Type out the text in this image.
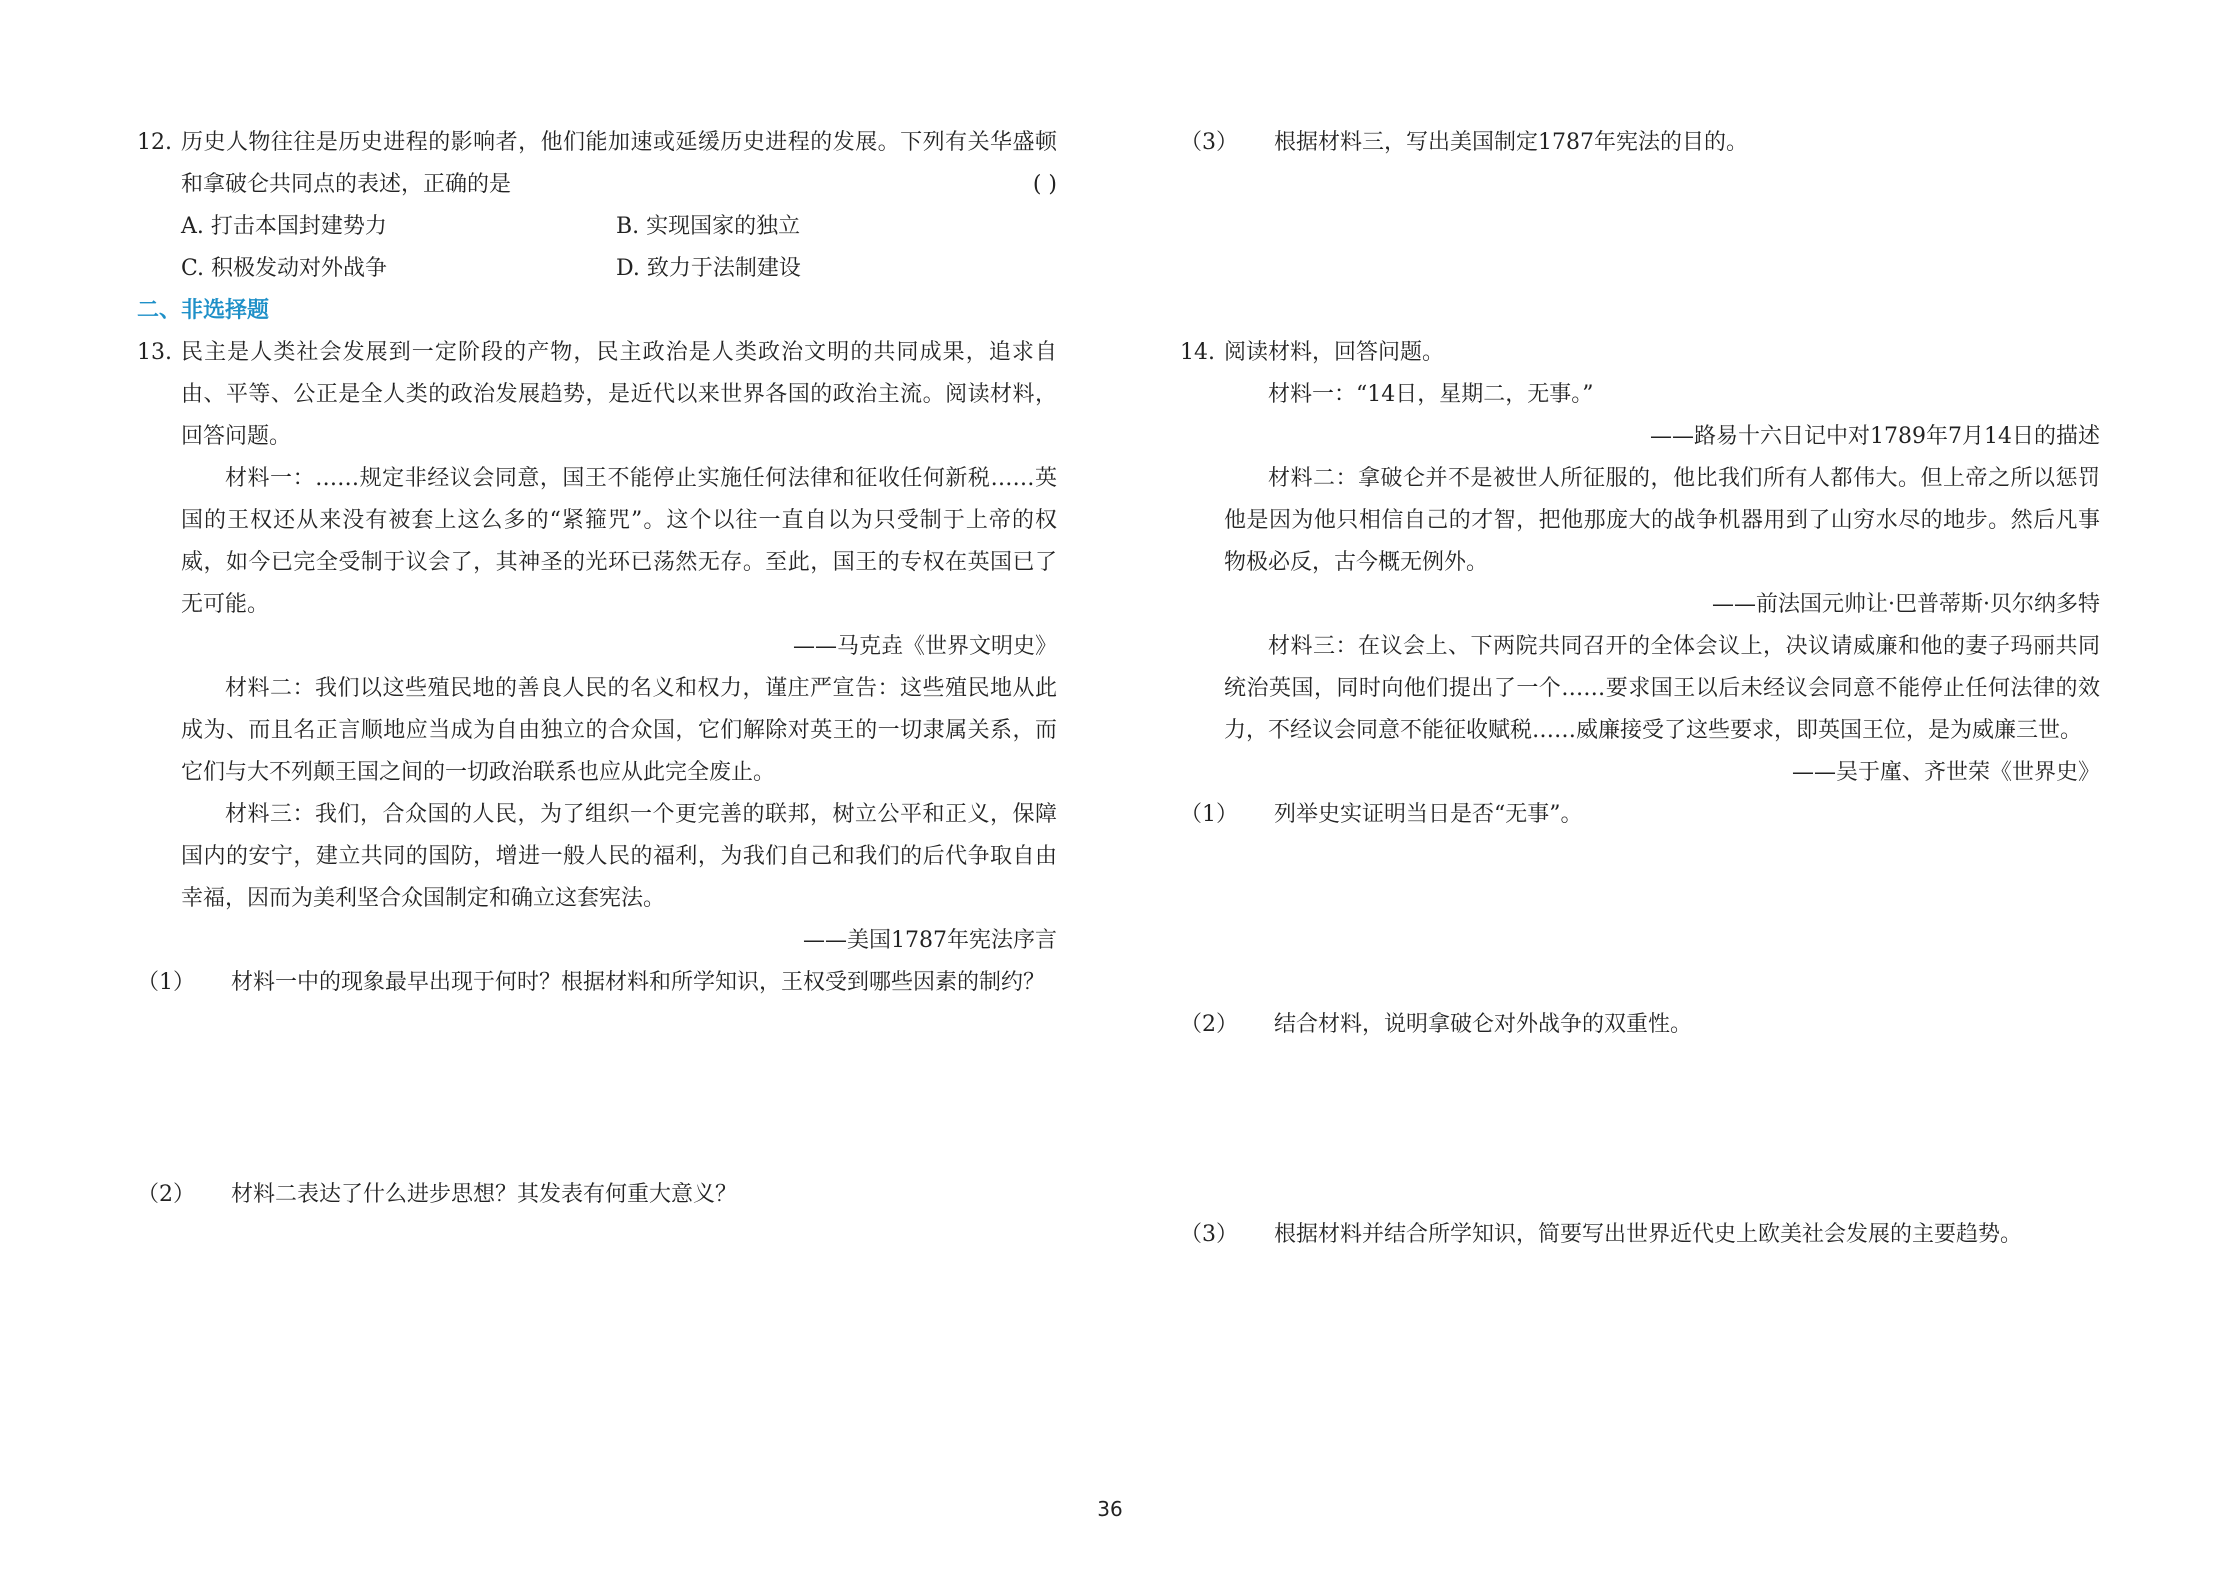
12. 历史人物往往是历史进程的影响者，他们能加速或延缓历史进程的发展。下列有关华盛顿和拿破仑共同点的表述，正确的是	( )
A. 打击本国封建势力	B. 实现国家的独立
C. 积极发动对外战争	D. 致力于法制建设
二、非选择题
13. 民主是人类社会发展到一定阶段的产物，民主政治是人类政治文明的共同成果，追求自由、平等、公正是全人类的政治发展趋势，是近代以来世界各国的政治主流。阅读材料，回答问题。
材料一：……规定非经议会同意，国王不能停止实施任何法律和征收任何新税……英国的王权还从来没有被套上这么多的“紧箍咒”。这个以往一直自以为只受制于上帝的权威，如今已完全受制于议会了，其神圣的光环已荡然无存。至此，国王的专权在英国已了无可能。
——马克垚《世界文明史》
材料二：我们以这些殖民地的善良人民的名义和权力，谨庄严宣告：这些殖民地从此成为、而且名正言顺地应当成为自由独立的合众国，它们解除对英王的一切隶属关系，而它们与大不列颠王国之间的一切政治联系也应从此完全废止。
材料三：我们，合众国的人民，为了组织一个更完善的联邦，树立公平和正义，保障国内的安宁，建立共同的国防，增进一般人民的福利，为我们自己和我们的后代争取自由幸福，因而为美利坚合众国制定和确立这套宪法。
——美国1787年宪法序言
（1）	材料一中的现象最早出现于何时？根据材料和所学知识，王权受到哪些因素的制约？
（2）	材料二表达了什么进步思想？其发表有何重大意义？
（3）	根据材料三，写出美国制定1787年宪法的目的。
14. 阅读材料，回答问题。
材料一：“14日，星期二，无事。”
——路易十六日记中对1789年7月14日的描述
材料二：拿破仑并不是被世人所征服的，他比我们所有人都伟大。但上帝之所以惩罚他是因为他只相信自己的才智，把他那庞大的战争机器用到了山穷水尽的地步。然后凡事物极必反，古今概无例外。
——前法国元帅让·巴普蒂斯·贝尔纳多特
材料三：在议会上、下两院共同召开的全体会议上，决议请威廉和他的妻子玛丽共同统治英国，同时向他们提出了一个……要求国王以后未经议会同意不能停止任何法律的效力，不经议会同意不能征收赋税……威廉接受了这些要求，即英国王位，是为威廉三世。
——吴于廑、齐世荣《世界史》
（1）	列举史实证明当日是否“无事”。
（2）	结合材料，说明拿破仑对外战争的双重性。
（3）	根据材料并结合所学知识，简要写出世界近代史上欧美社会发展的主要趋势。
36
